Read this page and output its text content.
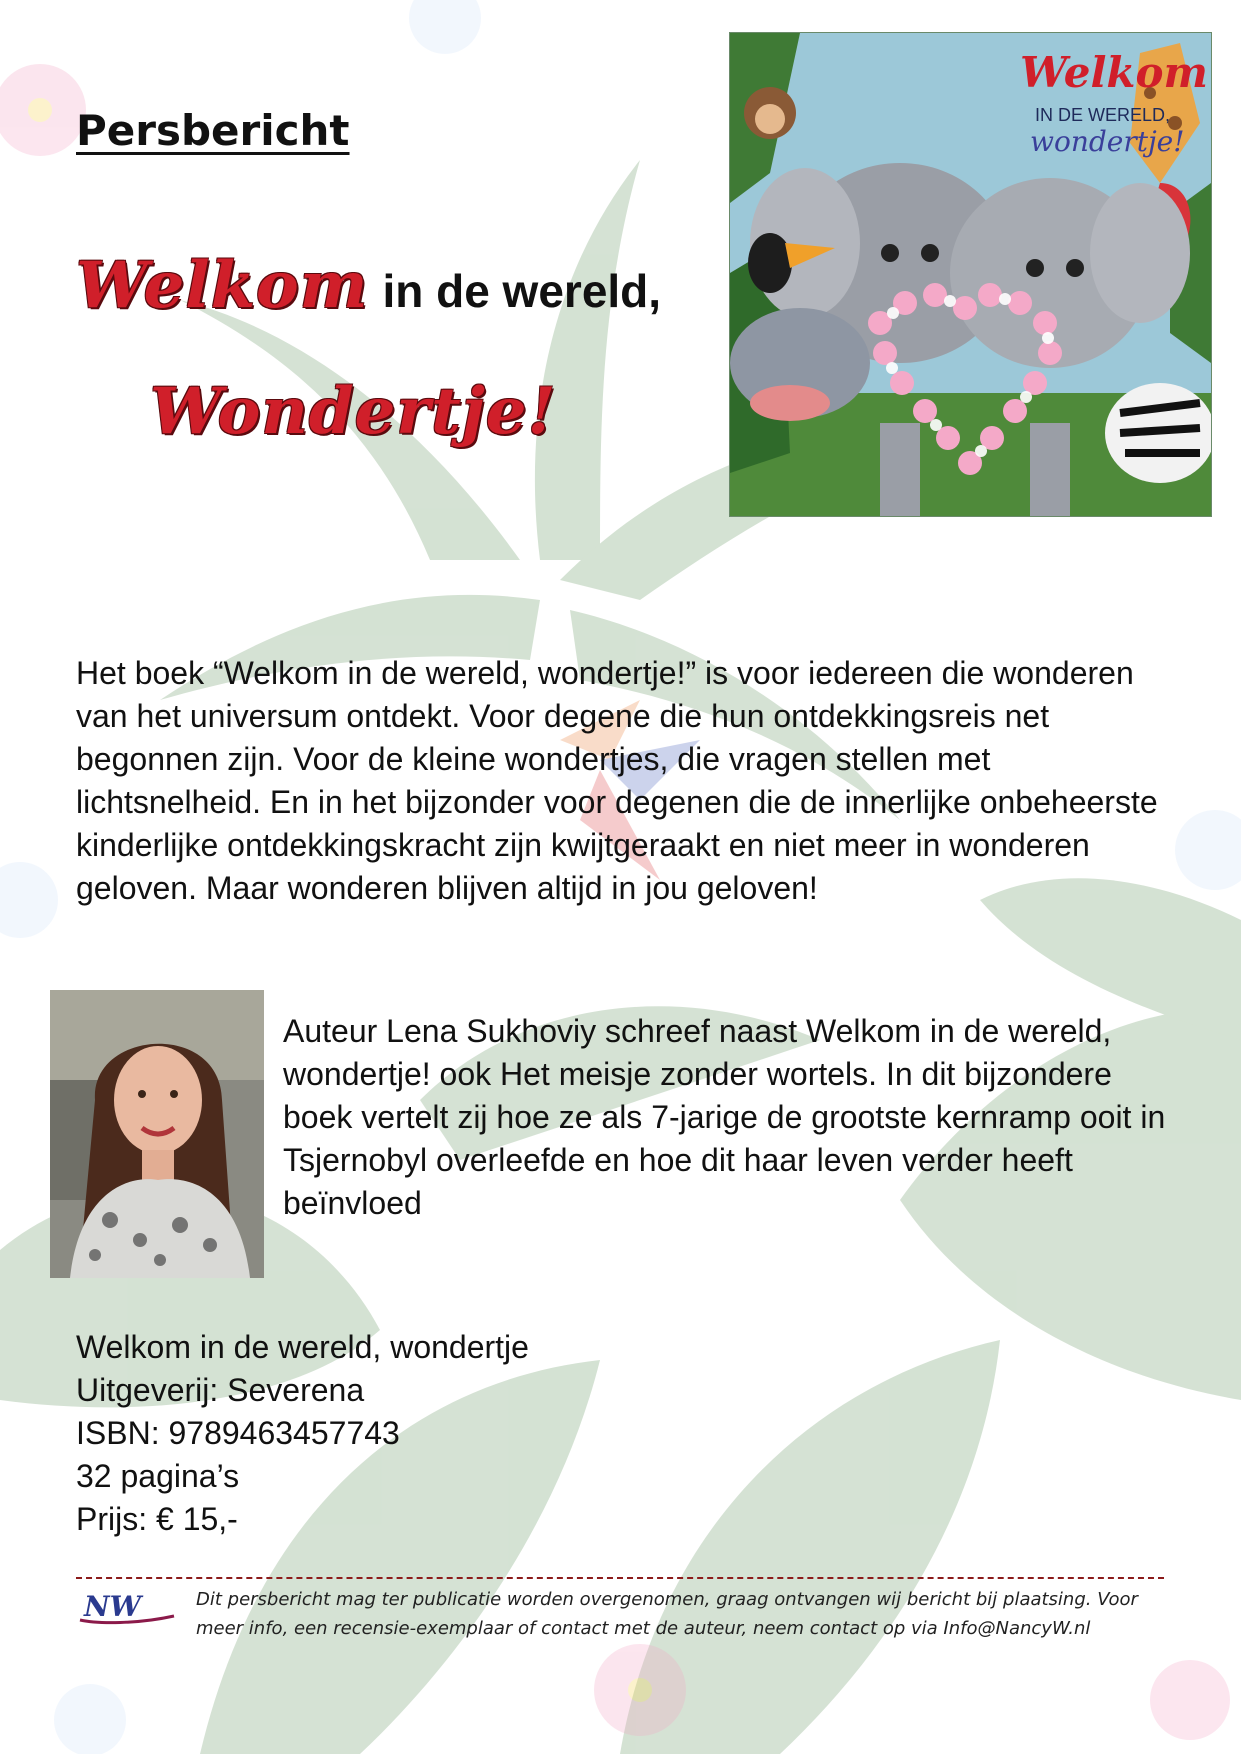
Persbericht
Welkom in de wereld,
Wondertje!
Welkom
IN DE WERELD,
wondertje!

Het boek “Welkom in de wereld, wondertje!” is voor iedereen die wonderen van het universum ontdekt. Voor degene die hun ontdekkingsreis net begonnen zijn. Voor de kleine wondertjes, die vragen stellen met lichtsnelheid. En in het bijzonder voor degenen die de innerlijke onbeheerste kinderlijke ontdekkingskracht zijn kwijtgeraakt en niet meer in wonderen geloven. Maar wonderen blijven altijd in jou geloven!

Auteur Lena Sukhoviy schreef naast Welkom in de wereld, wondertje! ook Het meisje zonder wortels. In dit bijzondere boek vertelt zij hoe ze als 7-jarige de grootste kernramp ooit in Tsjernobyl overleefde en hoe dit haar leven verder heeft beïnvloed

Welkom in de wereld, wondertje
Uitgeverij: Severena
ISBN: 9789463457743
32 pagina’s
Prijs: € 15,-
NW	Dit persbericht mag ter publicatie worden overgenomen, graag ontvangen wij bericht bij plaatsing. Voor meer info, een recensie-exemplaar of contact met de auteur, neem contact op via Info@NancyW.nl
